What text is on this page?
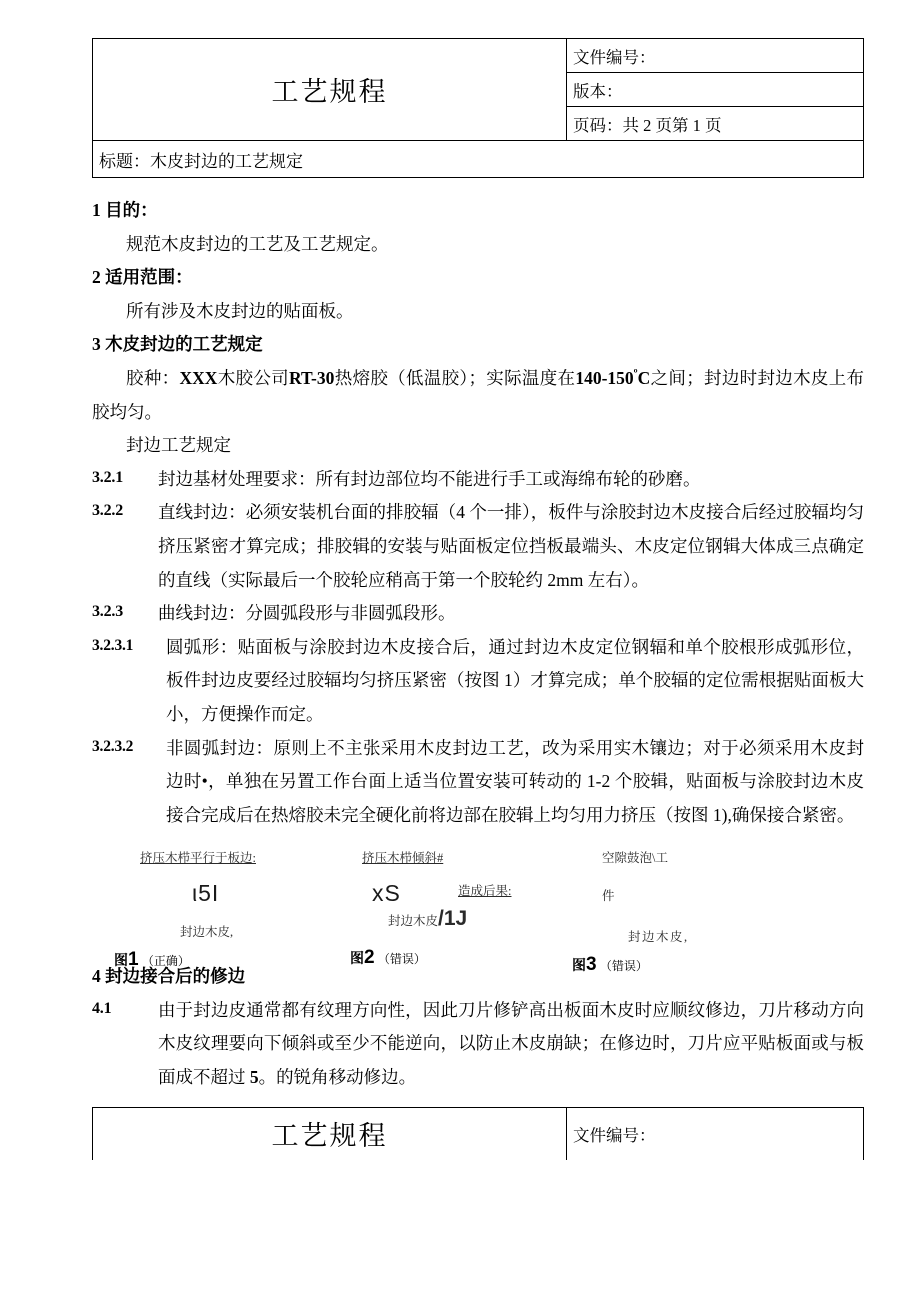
工艺规程	文件编号：
版本：
页码：共 2 页第 1 页
标题：木皮封边的工艺规定

1 目的：

规范木皮封边的工艺及工艺规定。

2 适用范围：

所有涉及木皮封边的贴面板。

3 木皮封边的工艺规定

胶种：XXX木胶公司RT-30热熔胶（低温胶）；实际温度在$140-150^ºC$之间；封边时封边木皮上布胶均匀。

封边工艺规定

3.2.1 封边基材处理要求：所有封边部位均不能进行手工或海绵布轮的砂磨。

3.2.2 直线封边：必须安装机台面的排胶辐（4 个一排），板件与涂胶封边木皮接合后经过胶辐均匀挤压紧密才算完成；排胶辑的安装与贴面板定位挡板最端头、木皮定位钢辑大体成三点确定的直线（实际最后一个胶轮应稍高于第一个胶轮约 2mm 左右）。

3.2.3 曲线封边：分圆弧段形与非圆弧段形。

3.2.3.1 圆弧形：贴面板与涂胶封边木皮接合后，通过封边木皮定位钢辐和单个胶根形成弧形位，板件封边皮要经过胶辐均匀挤压紧密（按图 1）才算完成；单个胶辐的定位需根据贴面板大小，方便操作而定。

3.2.3.2 非圆弧封边：原则上不主张采用木皮封边工艺，改为采用实木镶边；对于必须采用木皮封边时•，单独在另置工作台面上适当位置安装可转动的 1-2 个胶辑，贴面板与涂胶封边木皮接合完成后在热熔胶未完全硬化前将边部在胶辑上均匀用力挤压（按图 1),确保接合紧密。

挤压木栉平行于板边:
ι5Ι
封边木皮,
图1 （正确）
挤压木栉倾斜#
xS	造成后果:
封边木皮/1J
图2 （错误）
空隙鼓泡\工
件
封边木皮,
图3 （错误）

4 封边接合后的修边

4.1	由于封边皮通常都有纹理方向性，因此刀片修铲高出板面木皮时应顺纹修边，刀片移动方向木皮纹理要向下倾斜或至少不能逆向，以防止木皮崩缺；在修边时，刀片应平贴板面或与板面成不超过 5。的锐角移动修边。

工艺规程	文件编号：
